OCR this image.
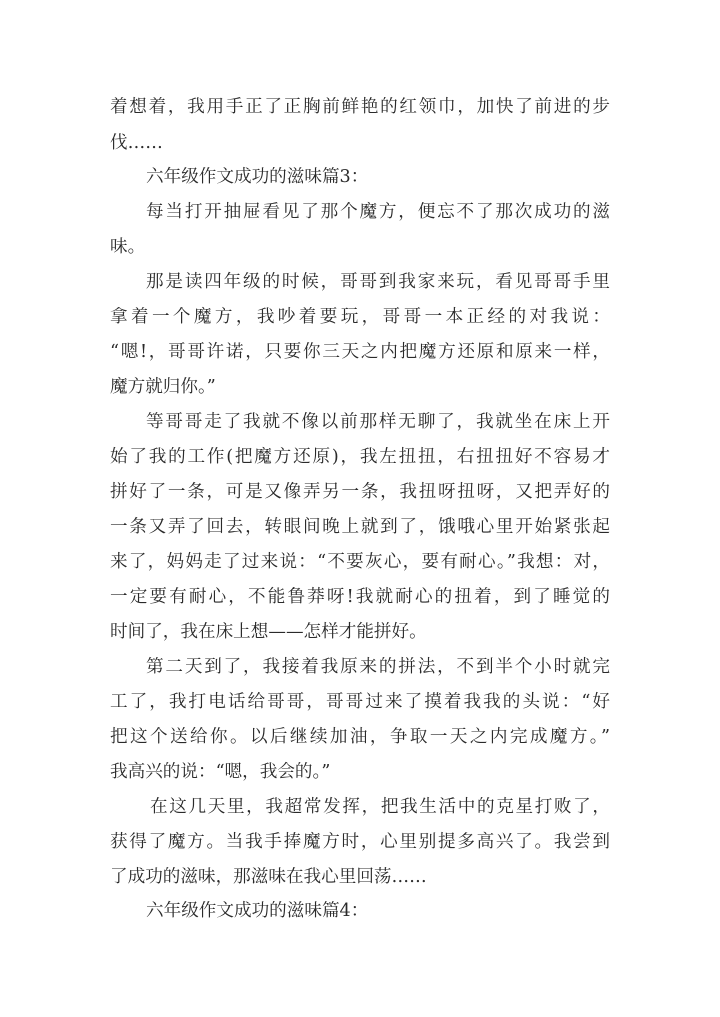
着想着，我用手正了正胸前鲜艳的红领巾，加快了前进的步
伐……
六年级作文成功的滋味篇3：
每当打开抽屉看见了那个魔方，便忘不了那次成功的滋
味。
那是读四年级的时候，哥哥到我家来玩，看见哥哥手里
拿着一个魔方，我吵着要玩，哥哥一本正经的对我说：
“嗯!，哥哥许诺，只要你三天之内把魔方还原和原来一样，
魔方就归你。”
等哥哥走了我就不像以前那样无聊了，我就坐在床上开
始了我的工作(把魔方还原)，我左扭扭，右扭扭好不容易才
拼好了一条，可是又像弄另一条，我扭呀扭呀，又把弄好的
一条又弄了回去，转眼间晚上就到了，饿哦心里开始紧张起
来了，妈妈走了过来说：“不要灰心，要有耐心。”我想：对，
一定要有耐心，不能鲁莽呀!我就耐心的扭着，到了睡觉的
时间了，我在床上想——怎样才能拼好。
第二天到了，我接着我原来的拼法，不到半个小时就完
工了，我打电话给哥哥，哥哥过来了摸着我我的头说：“好
把这个送给你。以后继续加油，争取一天之内完成魔方。”
我高兴的说：“嗯，我会的。”
在这几天里，我超常发挥，把我生活中的克星打败了，
获得了魔方。当我手捧魔方时，心里别提多高兴了。我尝到
了成功的滋味，那滋味在我心里回荡……
六年级作文成功的滋味篇4：
